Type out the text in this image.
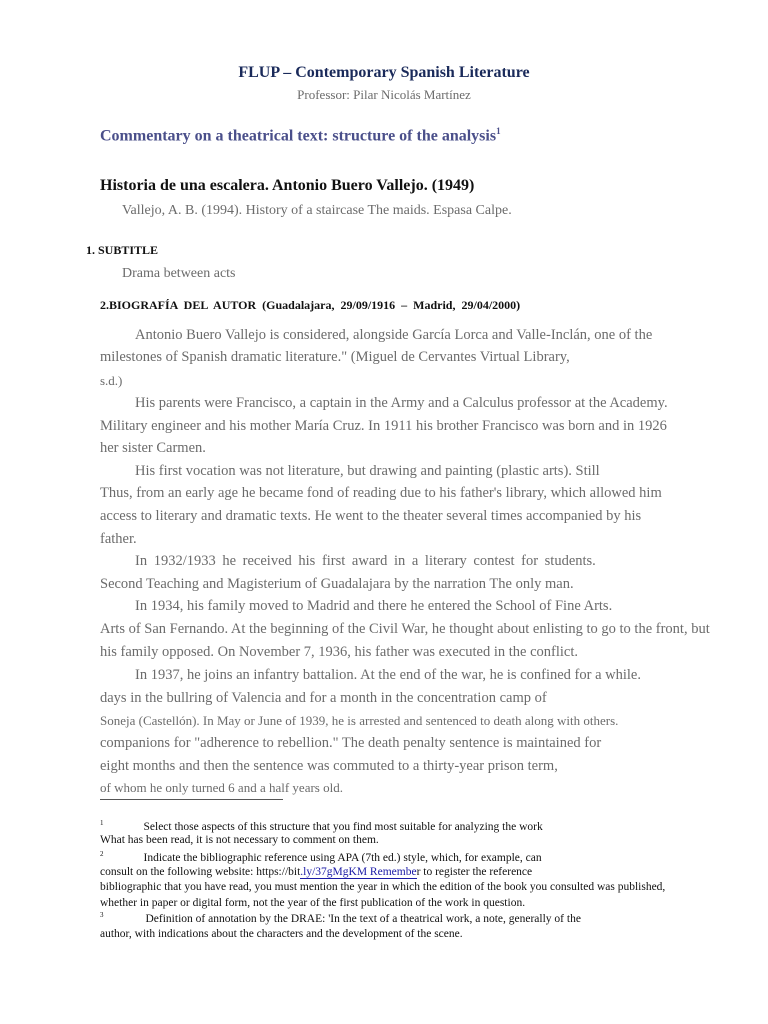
FLUP – Contemporary Spanish Literature
Professor: Pilar Nicolás Martínez
Commentary on a theatrical text: structure of the analysis$^1$
Historia de una escalera. Antonio Buero Vallejo. (1949)
Vallejo, A. B. (1994). History of a staircase The maids. Espasa Calpe.
1. SUBTITLE
Drama between acts
2.BIOGRAFÍA DEL AUTOR (Guadalajara, 29/09/1916 – Madrid, 29/04/2000)
Antonio Buero Vallejo is considered, alongside García Lorca and Valle-Inclán, one of the
milestones of Spanish dramatic literature." (Miguel de Cervantes Virtual Library,
s.d.)
His parents were Francisco, a captain in the Army and a Calculus professor at the Academy.
Military engineer and his mother María Cruz. In 1911 his brother Francisco was born and in 1926
her sister Carmen.
His first vocation was not literature, but drawing and painting (plastic arts). Still
Thus, from an early age he became fond of reading due to his father's library, which allowed him
access to literary and dramatic texts. He went to the theater several times accompanied by his
father.
In 1932/1933 he received his first award in a literary contest for students.
Second Teaching and Magisterium of Guadalajara by the narration The only man.
In 1934, his family moved to Madrid and there he entered the School of Fine Arts.
Arts of San Fernando. At the beginning of the Civil War, he thought about enlisting to go to the front, but
his family opposed. On November 7, 1936, his father was executed in the conflict.
In 1937, he joins an infantry battalion. At the end of the war, he is confined for a while.
days in the bullring of Valencia and for a month in the concentration camp of
Soneja (Castellón). In May or June of 1939, he is arrested and sentenced to death along with others.
companions for "adherence to rebellion." The death penalty sentence is maintained for
eight months and then the sentence was commuted to a thirty-year prison term,
of whom he only turned 6 and a half years old.
$^1$	Select those aspects of this structure that you find most suitable for analyzing the work
What has been read, it is not necessary to comment on them.
$^2$	Indicate the bibliographic reference using APA (7th ed.) style, which, for example, can
consult on the following website: https://bit.ly/37gMgKM Remember to register the reference
bibliographic that you have read, you must mention the year in which the edition of the book you consulted was published,
whether in paper or digital form, not the year of the first publication of the work in question.
$^3$	Definition of annotation by the DRAE: 'In the text of a theatrical work, a note, generally of the
author, with indications about the characters and the development of the scene.
